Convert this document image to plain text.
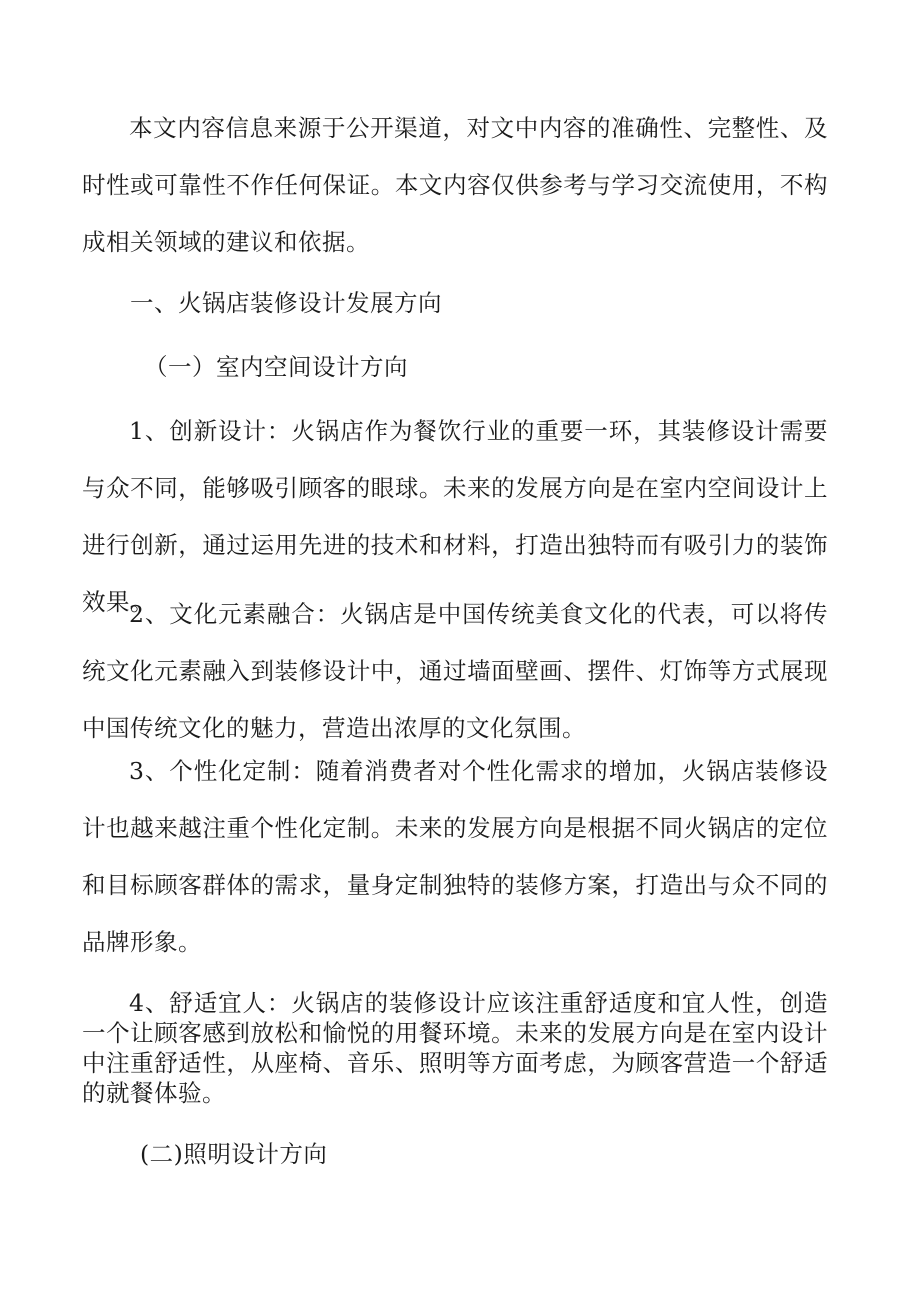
本文内容信息来源于公开渠道，对文中内容的准确性、完整性、及时性或可靠性不作任何保证。本文内容仅供参考与学习交流使用，不构成相关领域的建议和依据。

一、火锅店装修设计发展方向

（一）室内空间设计方向

1、创新设计：火锅店作为餐饮行业的重要一环，其装修设计需要与众不同，能够吸引顾客的眼球。未来的发展方向是在室内空间设计上进行创新，通过运用先进的技术和材料，打造出独特而有吸引力的装饰效果。

2、文化元素融合：火锅店是中国传统美食文化的代表，可以将传统文化元素融入到装修设计中，通过墙面壁画、摆件、灯饰等方式展现中国传统文化的魅力，营造出浓厚的文化氛围。

3、个性化定制：随着消费者对个性化需求的增加，火锅店装修设计也越来越注重个性化定制。未来的发展方向是根据不同火锅店的定位和目标顾客群体的需求，量身定制独特的装修方案，打造出与众不同的品牌形象。

4、舒适宜人：火锅店的装修设计应该注重舒适度和宜人性，创造一个让顾客感到放松和愉悦的用餐环境。未来的发展方向是在室内设计中注重舒适性，从座椅、音乐、照明等方面考虑，为顾客营造一个舒适的就餐体验。

(二)照明设计方向
